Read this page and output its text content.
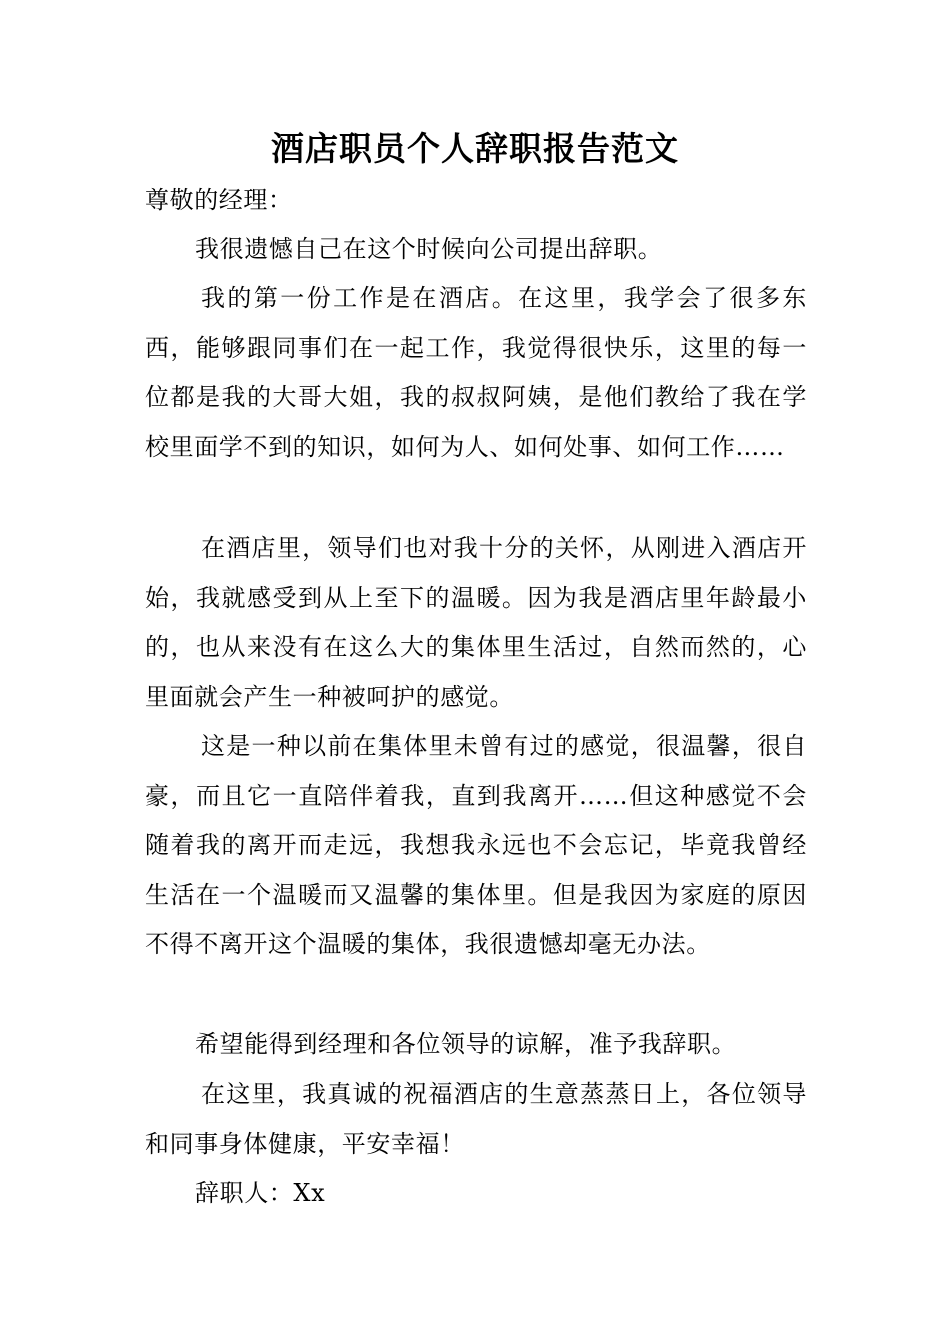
酒店职员个人辞职报告范文

尊敬的经理：

我很遗憾自己在这个时候向公司提出辞职。

我的第一份工作是在酒店。在这里，我学会了很多东西，能够跟同事们在一起工作，我觉得很快乐，这里的每一位都是我的大哥大姐，我的叔叔阿姨，是他们教给了我在学校里面学不到的知识，如何为人、如何处事、如何工作……

在酒店里，领导们也对我十分的关怀，从刚进入酒店开始，我就感受到从上至下的温暖。因为我是酒店里年龄最小的，也从来没有在这么大的集体里生活过，自然而然的，心里面就会产生一种被呵护的感觉。

这是一种以前在集体里未曾有过的感觉，很温馨，很自豪，而且它一直陪伴着我，直到我离开……但这种感觉不会随着我的离开而走远，我想我永远也不会忘记，毕竟我曾经生活在一个温暖而又温馨的集体里。但是我因为家庭的原因不得不离开这个温暖的集体，我很遗憾却毫无办法。

希望能得到经理和各位领导的谅解，准予我辞职。

在这里，我真诚的祝福酒店的生意蒸蒸日上，各位领导和同事身体健康，平安幸福！

辞职人：Xx
